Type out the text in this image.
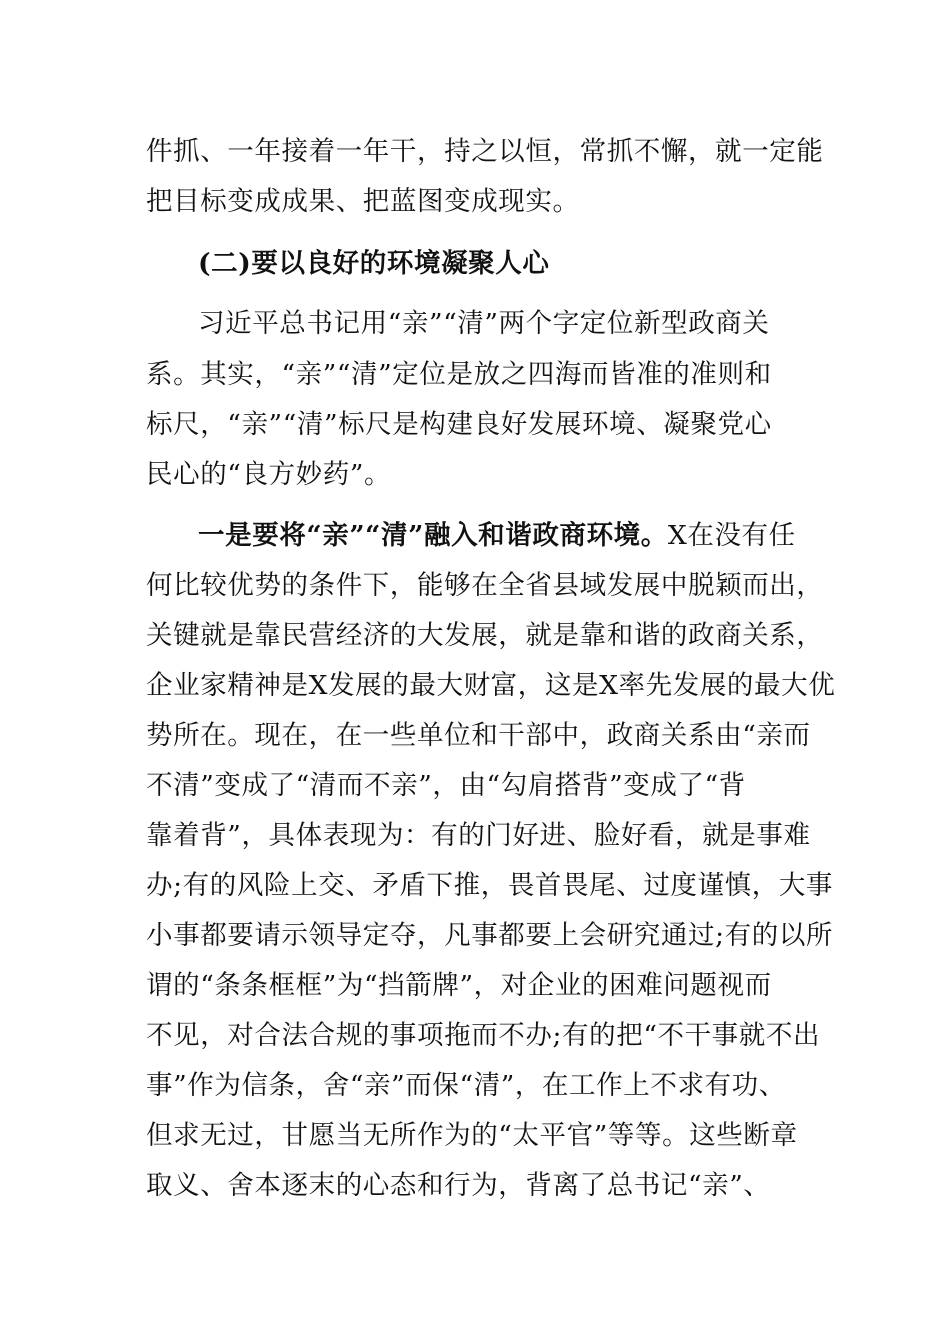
件抓、一年接着一年干，持之以恒，常抓不懈，就一定能
把目标变成成果、把蓝图变成现实。
(二)要以良好的环境凝聚人心
习近平总书记用“亲”“清”两个字定位新型政商关
系。其实，“亲”“清”定位是放之四海而皆准的准则和
标尺，“亲”“清”标尺是构建良好发展环境、凝聚党心
民心的“良方妙药”。
一是要将“亲”“清”融入和谐政商环境。X在没有任
何比较优势的条件下，能够在全省县域发展中脱颖而出，
关键就是靠民营经济的大发展，就是靠和谐的政商关系，
企业家精神是X发展的最大财富，这是X率先发展的最大优
势所在。现在，在一些单位和干部中，政商关系由“亲而
不清”变成了“清而不亲”，由“勾肩搭背”变成了“背
靠着背”，具体表现为：有的门好进、脸好看，就是事难
办;有的风险上交、矛盾下推，畏首畏尾、过度谨慎，大事
小事都要请示领导定夺，凡事都要上会研究通过;有的以所
谓的“条条框框”为“挡箭牌”，对企业的困难问题视而
不见，对合法合规的事项拖而不办;有的把“不干事就不出
事”作为信条，舍“亲”而保“清”，在工作上不求有功、
但求无过，甘愿当无所作为的“太平官”等等。这些断章
取义、舍本逐末的心态和行为，背离了总书记“亲”、
